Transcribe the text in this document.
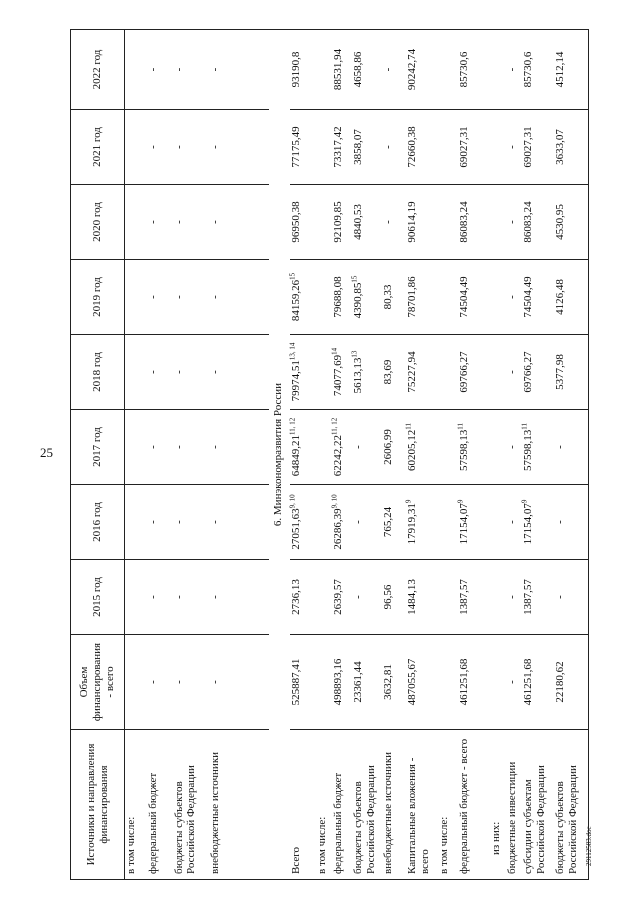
25
29112583.doc
Источники и направления финансирования	Объем финансирования - всего	2015 год	2016 год	2017 год	2018 год	2019 год	2020 год	2021 год	2022 год
в том числе:									
федеральный бюджет	-	-	-	-	-	-	-	-	-
бюджеты субъектов Российской Федерации	-	-	-	-	-	-	-	-	-
внебюджетные источники	-	-	-	-	-	-	-	-	-
6. Минэкономразвития России									
Всего	525887,41	2736,13	27051,63$^{9, 10}$	64849,21$^{11, 12}$	79974,51$^{13, 14}$	84159,26$^{15}$	96950,38	77175,49	93190,8
в том числе:									
федеральный бюджет	498893,16	2639,57	26286,39$^{9, 10}$	62242,22$^{11, 12}$	74077,69$^{14}$	79688,08	92109,85	73317,42	88531,94
бюджеты субъектов Российской Федерации	23361,44	-	-	-	5613,13$^{13}$	4390,85$^{15}$	4840,53	3858,07	4658,86
внебюджетные источники	3632,81	96,56	765,24	2606,99	83,69	80,33	-	-	-
Капитальные вложения - всего	487055,67	1484,13	17919,31$^9$	60205,12$^{11}$	75227,94	78701,86	90614,19	72660,38	90242,74
в том числе:									
федеральный бюджет - всего	461251,68	1387,57	17154,07$^9$	57598,13$^{11}$	69766,27	74504,49	86083,24	69027,31	85730,6
из них:									
бюджетные инвестиции	-	-	-	-	-	-	-	-	-
субсидии субъектам Российской Федерации	461251,68	1387,57	17154,07$^9$	57598,13$^{11}$	69766,27	74504,49	86083,24	69027,31	85730,6
бюджеты субъектов Российской Федерации	22180,62	-	-	-	5377,98	4126,48	4530,95	3633,07	4512,14
